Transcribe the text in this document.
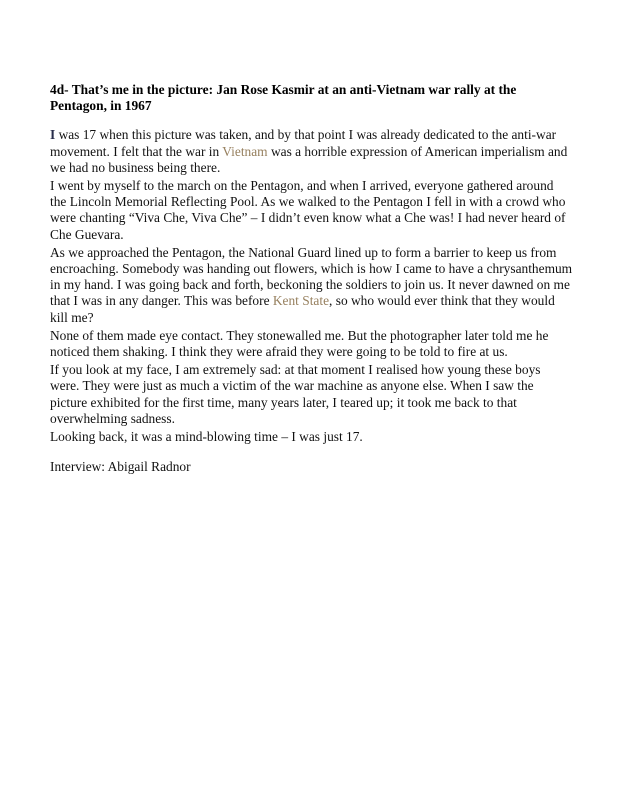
4d- That’s me in the picture: Jan Rose Kasmir at an anti-Vietnam war rally at the Pentagon, in 1967

I was 17 when this picture was taken, and by that point I was already dedicated to the anti-war movement. I felt that the war in Vietnam was a horrible expression of American imperialism and we had no business being there.

I went by myself to the march on the Pentagon, and when I arrived, everyone gathered around the Lincoln Memorial Reflecting Pool. As we walked to the Pentagon I fell in with a crowd who were chanting “Viva Che, Viva Che” – I didn’t even know what a Che was! I had never heard of Che Guevara.

As we approached the Pentagon, the National Guard lined up to form a barrier to keep us from encroaching. Somebody was handing out flowers, which is how I came to have a chrysanthemum in my hand. I was going back and forth, beckoning the soldiers to join us. It never dawned on me that I was in any danger. This was before Kent State, so who would ever think that they would kill me?

None of them made eye contact. They stonewalled me. But the photographer later told me he noticed them shaking. I think they were afraid they were going to be told to fire at us.

If you look at my face, I am extremely sad: at that moment I realised how young these boys were. They were just as much a victim of the war machine as anyone else. When I saw the picture exhibited for the first time, many years later, I teared up; it took me back to that overwhelming sadness.

Looking back, it was a mind-blowing time – I was just 17.

Interview: Abigail Radnor
